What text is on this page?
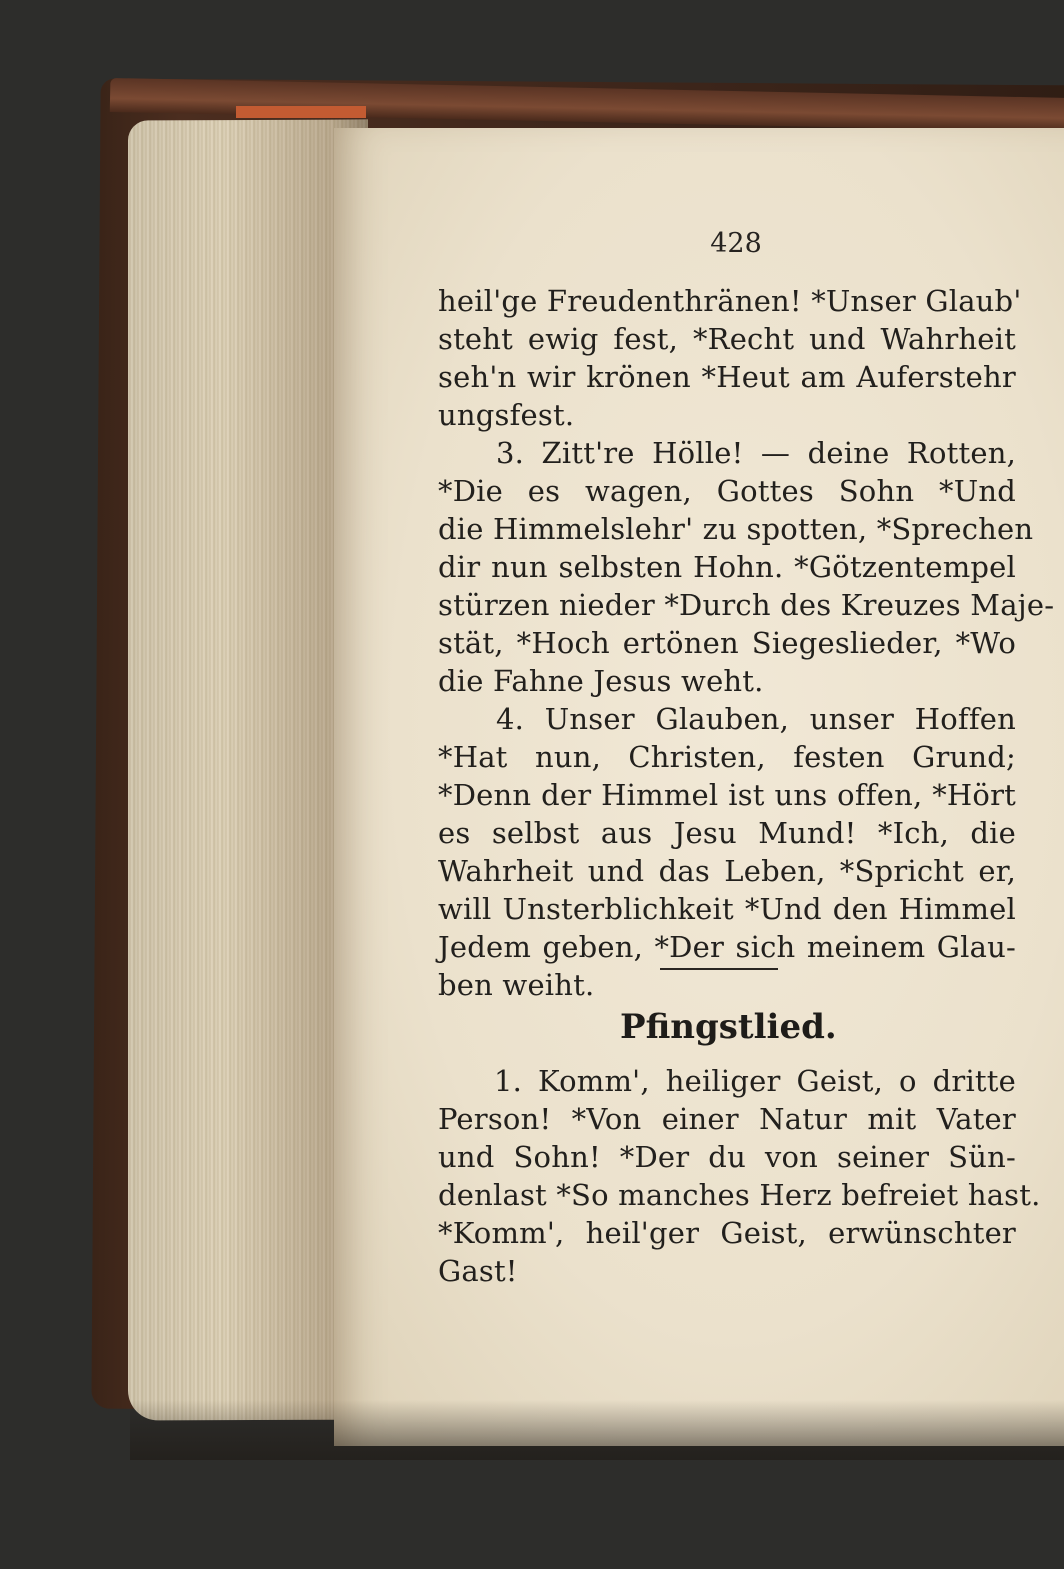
428
heil'ge Freudenthränen! *Unser Glaub'
steht ewig fest, *Recht und Wahrheit
seh'n wir krönen *Heut am Auferstehr
ungsfest.
3. Zitt're Hölle! — deine Rotten,
*Die es wagen, Gottes Sohn *Und
die Himmelslehr' zu spotten, *Sprechen
dir nun selbsten Hohn. *Götzentempel
stürzen nieder *Durch des Kreuzes Maje-
stät, *Hoch ertönen Siegeslieder, *Wo
die Fahne Jesus weht.
4. Unser Glauben, unser Hoffen
*Hat nun, Christen, festen Grund;
*Denn der Himmel ist uns offen, *Hört
es selbst aus Jesu Mund! *Ich, die
Wahrheit und das Leben, *Spricht er,
will Unsterblichkeit *Und den Himmel
Jedem geben, *Der sich meinem Glau-
ben weiht.
Pfingstlied.
1. Komm', heiliger Geist, o dritte
Person! *Von einer Natur mit Vater
und Sohn! *Der du von seiner Sün-
denlast *So manches Herz befreiet hast.
*Komm', heil'ger Geist, erwünschter
Gast!
